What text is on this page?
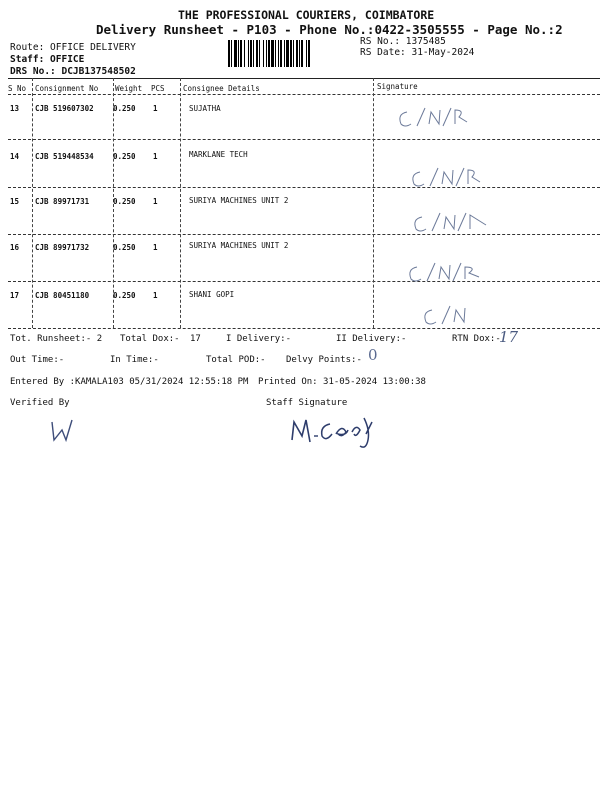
THE PROFESSIONAL COURIERS, COIMBATORE
Delivery Runsheet - P103 - Phone No.:0422-3505555 - Page No.:2
Route: OFFICE DELIVERY
Staff: OFFICE
DRS No.: DCJB137548502
RS No.: 1375485
RS Date: 31-May-2024
S No Consignment No Weight PCS Consignee Details	Signature
13 CJB 519607302	0.250 1	SUJATHA
14 CJB 519448534	0.250 1	MARKLANE TECH
15 CJB 89971731	0.250 1	SURIYA MACHINES UNIT 2
16 CJB 89971732	0.250 1	SURIYA MACHINES UNIT 2
17 CJB 80451180	0.250 1	SHANI GOPI
Tot. Runsheet:- 2 Total Dox:- 17	I Delivery:-	II Delivery:-	RTN Dox:-
17
Out Time:-	In Time:-	Total POD:- Delvy Points:- 0
Entered By :KAMALA103 05/31/2024 12:55:18 PM Printed On: 31-05-2024 13:00:38
Verified By	Staff Signature
